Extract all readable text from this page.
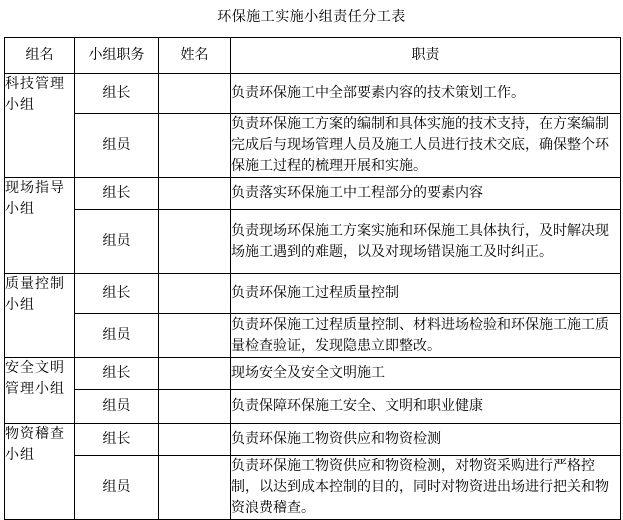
环保施工实施小组责任分工表
组名	小组职务	姓名	职责
科技管理小组	组长		负责环保施工中全部要素内容的技术策划工作。
	组员		负责环保施工方案的编制和具体实施的技术支持，在方案编制完成后与现场管理人员及施工人员进行技术交底，确保整个环保施工过程的梳理开展和实施。
现场指导小组	组长		负责落实环保施工中工程部分的要素内容
	组员		负责现场环保施工方案实施和环保施工具体执行，及时解决现场施工遇到的难题，以及对现场错误施工及时纠正。
质量控制小组	组长		负责环保施工过程质量控制
	组员		负责环保施工过程质量控制、材料进场检验和环保施工施工质量检查验证，发现隐患立即整改。
安全文明管理小组	组长		现场安全及安全文明施工
	组员		负责保障环保施工安全、文明和职业健康
物资稽查小组	组长		负责环保施工物资供应和物资检测
	组员		负责环保施工物资供应和物资检测，对物资采购进行严格控制，以达到成本控制的目的，同时对物资进出场进行把关和物资浪费稽查。
